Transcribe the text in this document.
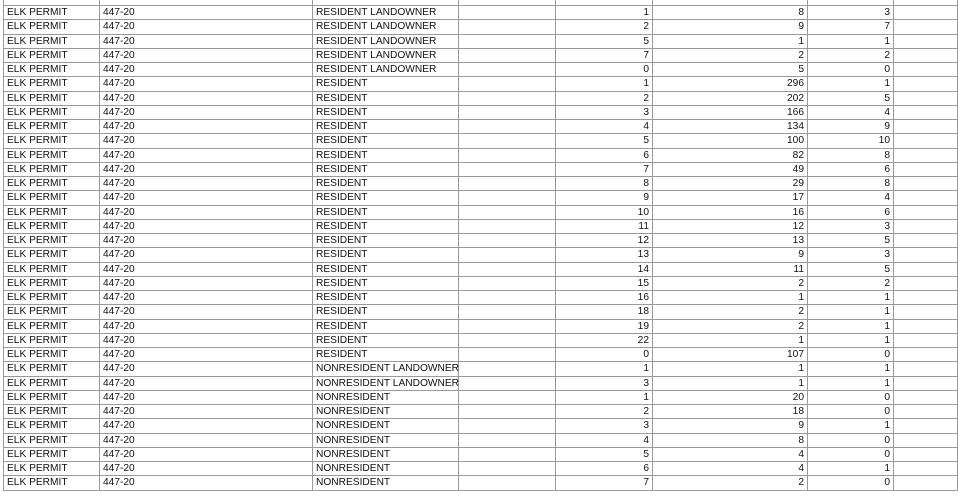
ELK PERMIT	447-20	RESIDENT LANDOWNER		1	8	3	
ELK PERMIT	447-20	RESIDENT LANDOWNER		2	9	7	
ELK PERMIT	447-20	RESIDENT LANDOWNER		5	1	1	
ELK PERMIT	447-20	RESIDENT LANDOWNER		7	2	2	
ELK PERMIT	447-20	RESIDENT LANDOWNER		0	5	0	
ELK PERMIT	447-20	RESIDENT		1	296	1	
ELK PERMIT	447-20	RESIDENT		2	202	5	
ELK PERMIT	447-20	RESIDENT		3	166	4	
ELK PERMIT	447-20	RESIDENT		4	134	9	
ELK PERMIT	447-20	RESIDENT		5	100	10	
ELK PERMIT	447-20	RESIDENT		6	82	8	
ELK PERMIT	447-20	RESIDENT		7	49	6	
ELK PERMIT	447-20	RESIDENT		8	29	8	
ELK PERMIT	447-20	RESIDENT		9	17	4	
ELK PERMIT	447-20	RESIDENT		10	16	6	
ELK PERMIT	447-20	RESIDENT		11	12	3	
ELK PERMIT	447-20	RESIDENT		12	13	5	
ELK PERMIT	447-20	RESIDENT		13	9	3	
ELK PERMIT	447-20	RESIDENT		14	11	5	
ELK PERMIT	447-20	RESIDENT		15	2	2	
ELK PERMIT	447-20	RESIDENT		16	1	1	
ELK PERMIT	447-20	RESIDENT		18	2	1	
ELK PERMIT	447-20	RESIDENT		19	2	1	
ELK PERMIT	447-20	RESIDENT		22	1	1	
ELK PERMIT	447-20	RESIDENT		0	107	0	
ELK PERMIT	447-20	NONRESIDENT LANDOWNER		1	1	1	
ELK PERMIT	447-20	NONRESIDENT LANDOWNER		3	1	1	
ELK PERMIT	447-20	NONRESIDENT		1	20	0	
ELK PERMIT	447-20	NONRESIDENT		2	18	0	
ELK PERMIT	447-20	NONRESIDENT		3	9	1	
ELK PERMIT	447-20	NONRESIDENT		4	8	0	
ELK PERMIT	447-20	NONRESIDENT		5	4	0	
ELK PERMIT	447-20	NONRESIDENT		6	4	1	
ELK PERMIT	447-20	NONRESIDENT		7	2	0	
